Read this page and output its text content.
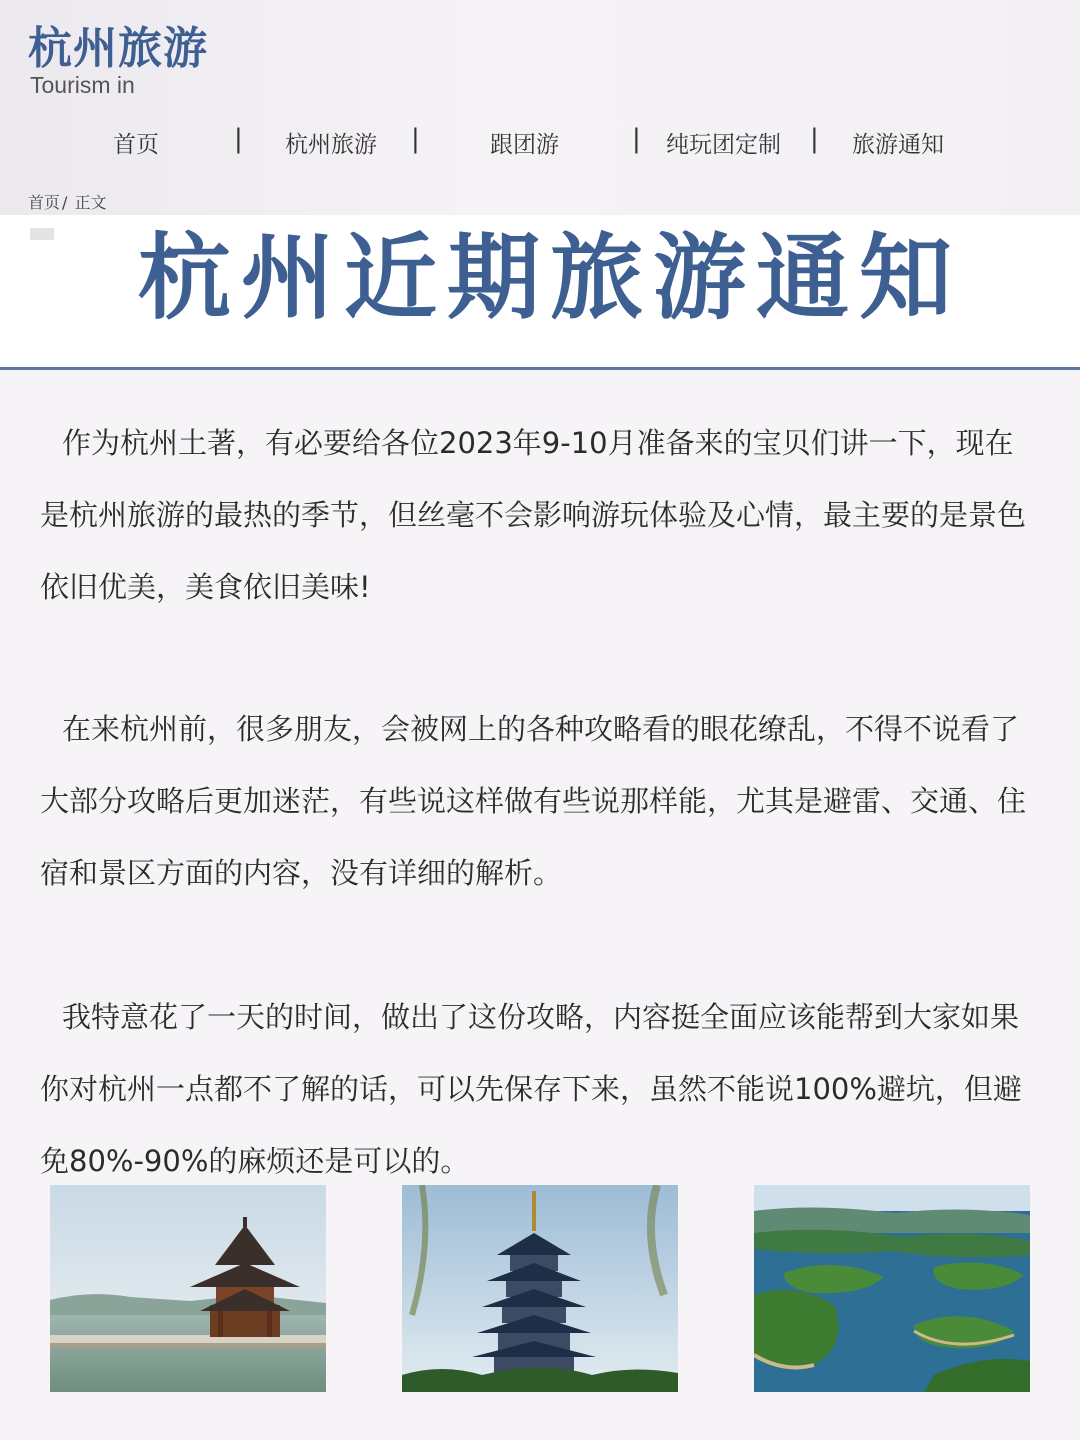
杭州旅游
Tourism in
首页	| 杭州旅游 |	跟团游	| 纯玩团定制 | 旅游通知
首页 / 正文
杭州近期旅游通知

作为杭州土著，有必要给各位2023年9-10月准备来的宝贝们讲一下，现在是杭州旅游的最热的季节，但丝毫不会影响游玩体验及心情，最主要的是景色依旧优美，美食依旧美味!

在来杭州前，很多朋友，会被网上的各种攻略看的眼花缭乱，不得不说看了大部分攻略后更加迷茫，有些说这样做有些说那样能，尤其是避雷、交通、住宿和景区方面的内容，没有详细的解析。

我特意花了一天的时间，做出了这份攻略，内容挺全面应该能帮到大家如果你对杭州一点都不了解的话，可以先保存下来，虽然不能说100%避坑，但避免80%-90%的麻烦还是可以的。
